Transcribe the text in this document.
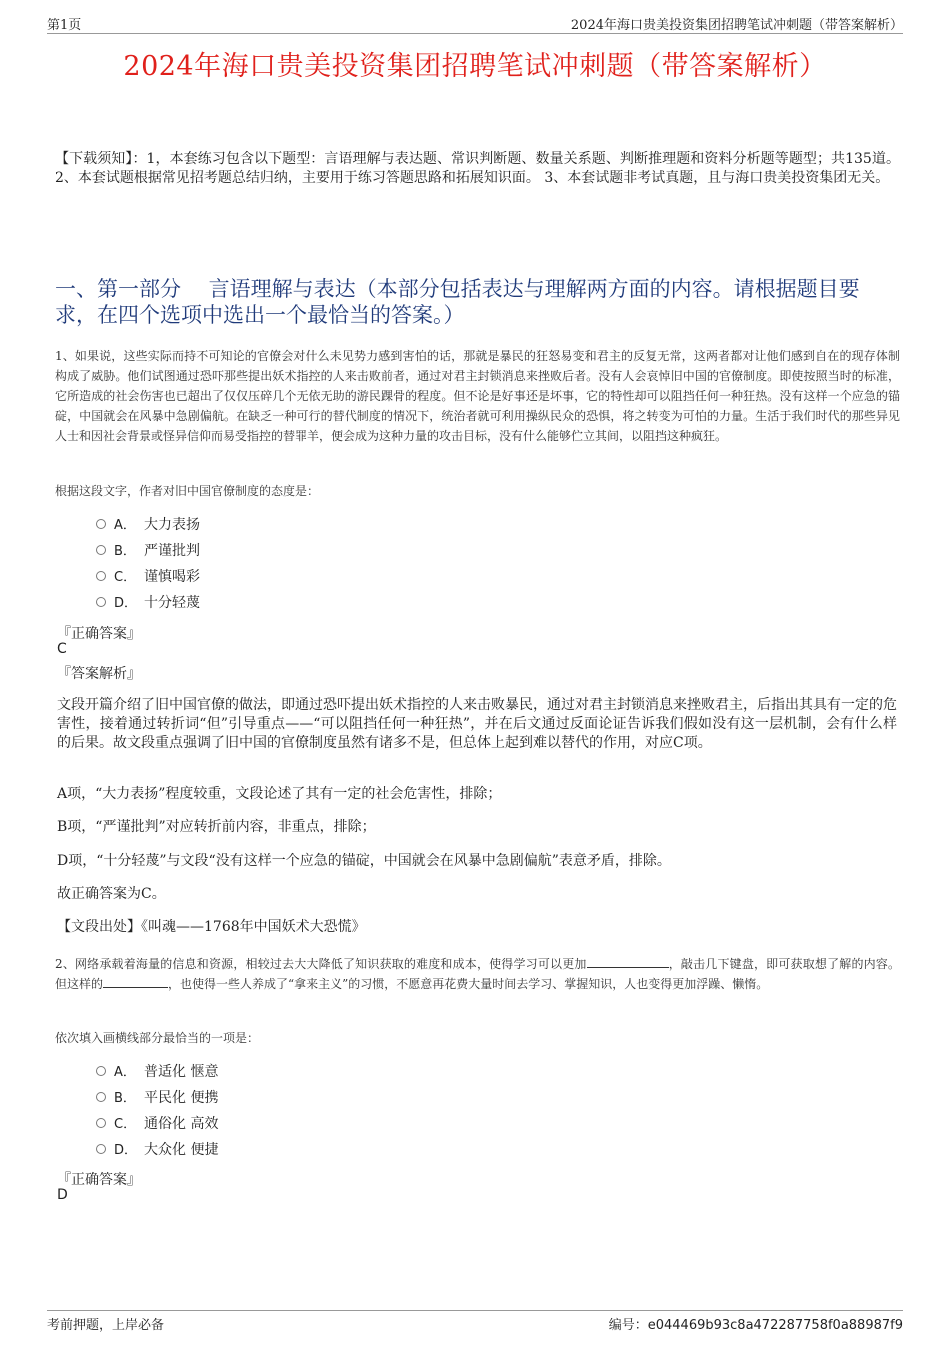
第1页	2024年海口贵美投资集团招聘笔试冲刺题（带答案解析）
2024年海口贵美投资集团招聘笔试冲刺题（带答案解析）
【下载须知】：1，本套练习包含以下题型：言语理解与表达题、常识判断题、数量关系题、判断推理题和资料分析题等题型；共135道。 2、本套试题根据常见招考题总结归纳，主要用于练习答题思路和拓展知识面。 3、本套试题非考试真题，且与海口贵美投资集团无关。
一、第一部分　 言语理解与表达（本部分包括表达与理解两方面的内容。请根据题目要求，在四个选项中选出一个最恰当的答案。）
1、如果说，这些实际而持不可知论的官僚会对什么未见势力感到害怕的话，那就是暴民的狂怒易变和君主的反复无常，这两者都对让他们感到自在的现存体制构成了威胁。他们试图通过恐吓那些提出妖术指控的人来击败前者，通过对君主封锁消息来挫败后者。没有人会哀悼旧中国的官僚制度。即使按照当时的标准，它所造成的社会伤害也已超出了仅仅压碎几个无依无助的游民踝骨的程度。但不论是好事还是坏事，它的特性却可以阻挡任何一种狂热。没有这样一个应急的锚碇，中国就会在风暴中急剧偏航。在缺乏一种可行的替代制度的情况下，统治者就可利用操纵民众的恐惧，将之转变为可怕的力量。生活于我们时代的那些异见人士和因社会背景或怪异信仰而易受指控的替罪羊，便会成为这种力量的攻击目标，没有什么能够伫立其间，以阻挡这种疯狂。
根据这段文字，作者对旧中国官僚制度的态度是：
A． 大力表扬
B． 严谨批判
C． 谨慎喝彩
D． 十分轻蔑
『正确答案』
C
『答案解析』
文段开篇介绍了旧中国官僚的做法，即通过恐吓提出妖术指控的人来击败暴民，通过对君主封锁消息来挫败君主，后指出其具有一定的危害性，接着通过转折词“但”引导重点——“可以阻挡任何一种狂热”，并在后文通过反面论证告诉我们假如没有这一层机制，会有什么样的后果。故文段重点强调了旧中国的官僚制度虽然有诸多不是，但总体上起到难以替代的作用，对应C项。
A项，“大力表扬”程度较重，文段论述了其有一定的社会危害性，排除；
B项，“严谨批判”对应转折前内容，非重点，排除；
D项，“十分轻蔑”与文段“没有这样一个应急的锚碇，中国就会在风暴中急剧偏航”表意矛盾，排除。
故正确答案为C。
【文段出处】《叫魂——1768年中国妖术大恐慌》
2、网络承载着海量的信息和资源，相较过去大大降低了知识获取的难度和成本，使得学习可以更加	，敲击几下键盘，即可获取想了解的内容。但这样的	，也使得一些人养成了“拿来主义”的习惯，不愿意再花费大量时间去学习、掌握知识，人也变得更加浮躁、懒惰。
依次填入画横线部分最恰当的一项是：
A． 普适化 惬意
B． 平民化 便携
C． 通俗化 高效
D． 大众化 便捷
『正确答案』
D
考前押题，上岸必备	编号：e044469b93c8a472287758f0a88987f9
